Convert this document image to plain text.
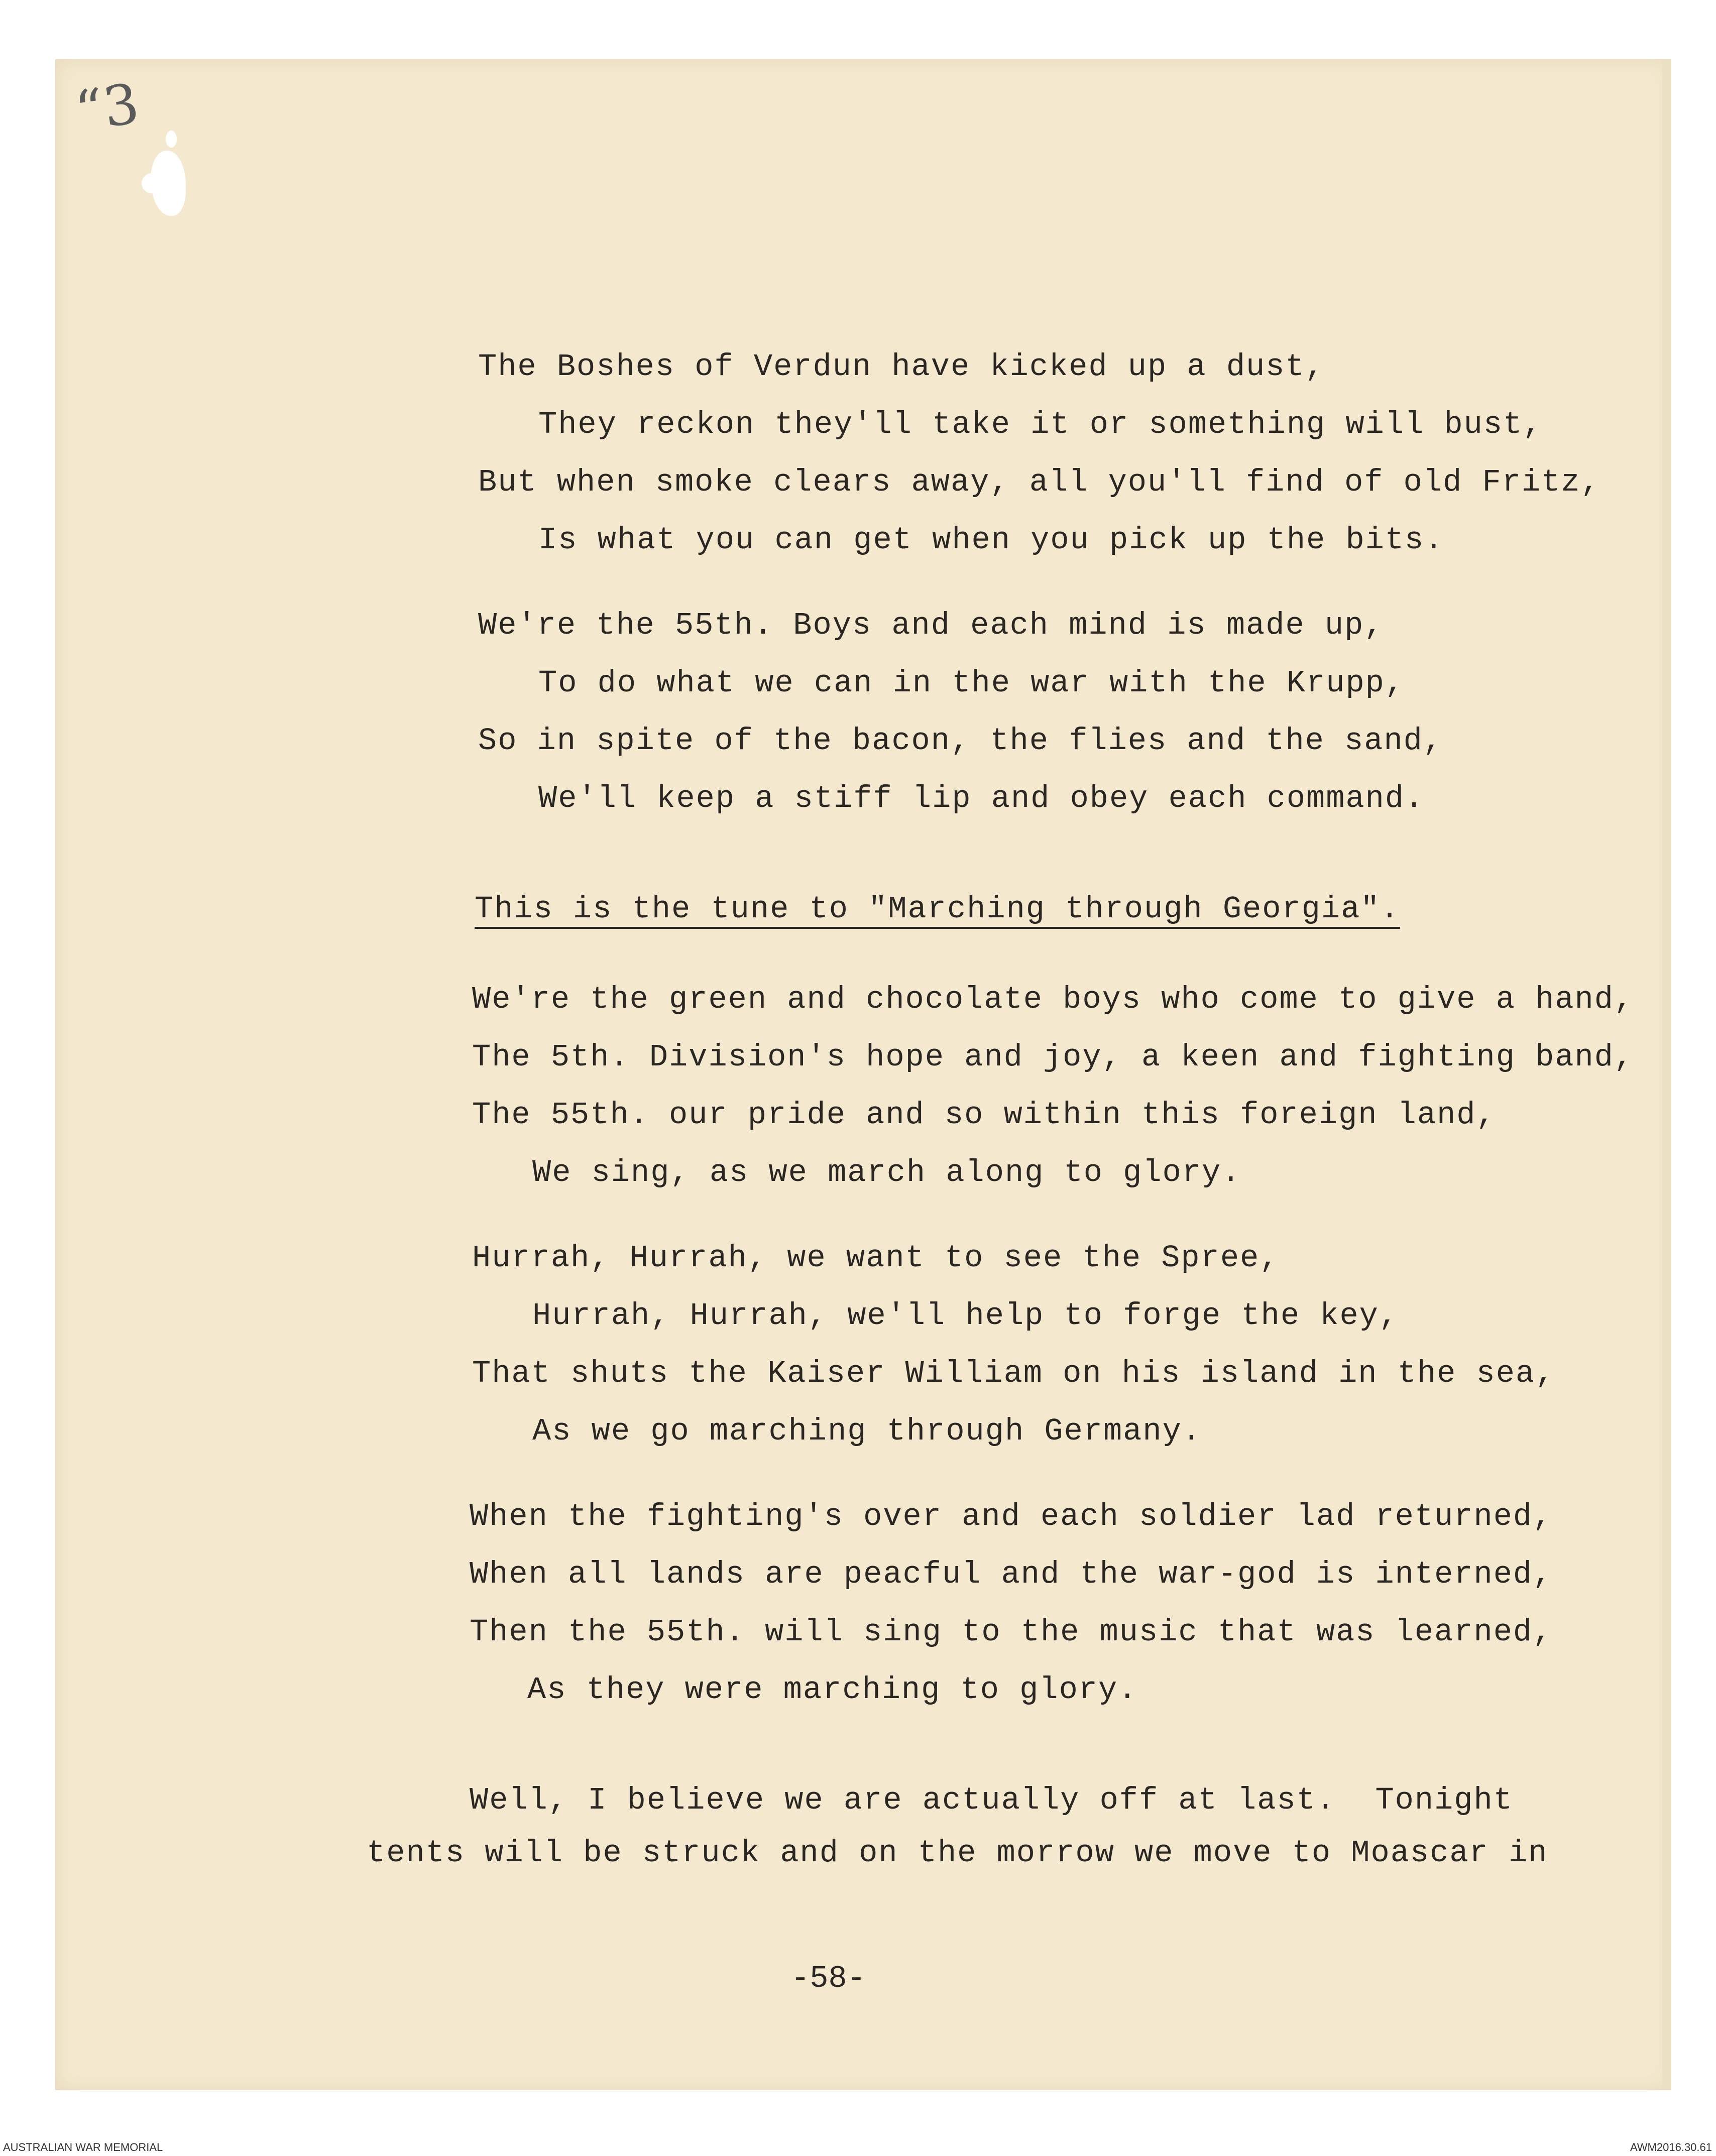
“3
The Boshes of Verdun have kicked up a dust,
They reckon they'll take it or something will bust,
But when smoke clears away, all you'll find of old Fritz,
Is what you can get when you pick up the bits.
We're the 55th. Boys and each mind is made up,
To do what we can in the war with the Krupp,
So in spite of the bacon, the flies and the sand,
We'll keep a stiff lip and obey each command.
This is the tune to "Marching through Georgia".
We're the green and chocolate boys who come to give a hand,
The 5th. Division's hope and joy, a keen and fighting band,
The 55th. our pride and so within this foreign land,
We sing, as we march along to glory.
Hurrah, Hurrah, we want to see the Spree,
Hurrah, Hurrah, we'll help to forge the key,
That shuts the Kaiser William on his island in the sea,
As we go marching through Germany.
When the fighting's over and each soldier lad returned,
When all lands are peacful and the war-god is interned,
Then the 55th. will sing to the music that was learned,
As they were marching to glory.
Well, I believe we are actually off at last.  Tonight
tents will be struck and on the morrow we move to Moascar in
-58-
AUSTRALIAN WAR MEMORIAL	AWM2016.30.61
